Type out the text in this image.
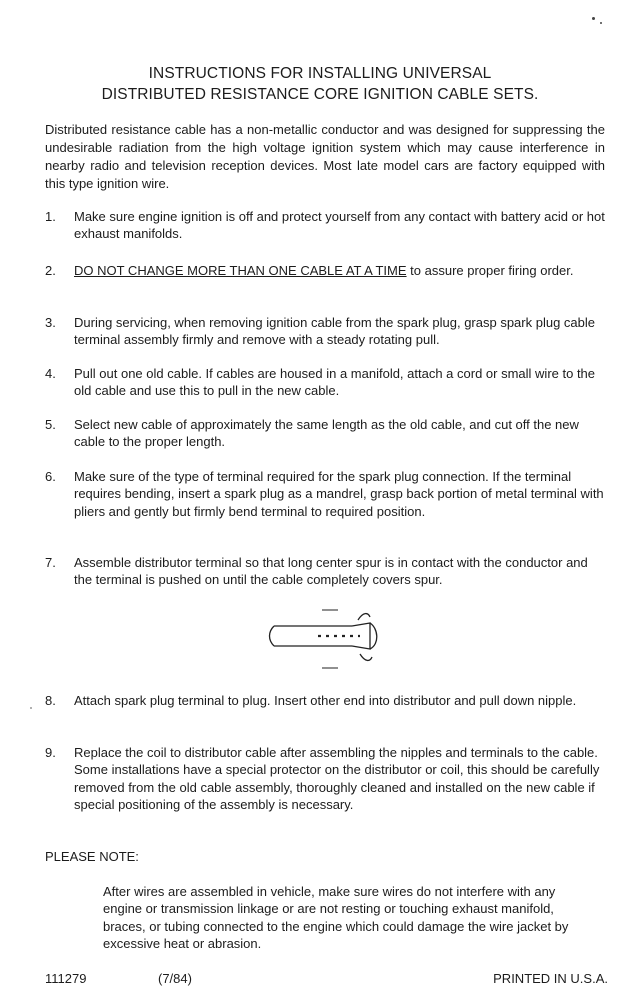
INSTRUCTIONS FOR INSTALLING UNIVERSAL
DISTRIBUTED RESISTANCE CORE IGNITION CABLE SETS.
Distributed resistance cable has a non-metallic conductor and was designed for suppressing the undesirable radiation from the high voltage ignition system which may cause interference in nearby radio and television reception devices. Most late model cars are factory equipped with this type ignition wire.
1.	Make sure engine ignition is off and protect yourself from any contact with battery acid or hot exhaust manifolds.
2.	DO NOT CHANGE MORE THAN ONE CABLE AT A TIME to assure proper firing order.
3.	During servicing, when removing ignition cable from the spark plug, grasp spark plug cable terminal assembly firmly and remove with a steady rotating pull.
4.	Pull out one old cable. If cables are housed in a manifold, attach a cord or small wire to the old cable and use this to pull in the new cable.
5.	Select new cable of approximately the same length as the old cable, and cut off the new cable to the proper length.
6.	Make sure of the type of terminal required for the spark plug connection. If the terminal requires bending, insert a spark plug as a mandrel, grasp back portion of metal terminal with pliers and gently but firmly bend terminal to required position.
7.	Assemble distributor terminal so that long center spur is in contact with the conductor and the terminal is pushed on until the cable completely covers spur.
8.	Attach spark plug terminal to plug. Insert other end into distributor and pull down nipple.
9.	Replace the coil to distributor cable after assembling the nipples and terminals to the cable. Some installations have a special protector on the distributor or coil, this should be carefully removed from the old cable assembly, thoroughly cleaned and installed on the new cable if special positioning of the assembly is necessary.
PLEASE NOTE:
After wires are assembled in vehicle, make sure wires do not interfere with any engine or transmission linkage or are not resting or touching exhaust manifold, braces, or tubing connected to the engine which could damage the wire jacket by excessive heat or abrasion.
111279	(7/84)	PRINTED IN U.S.A.
